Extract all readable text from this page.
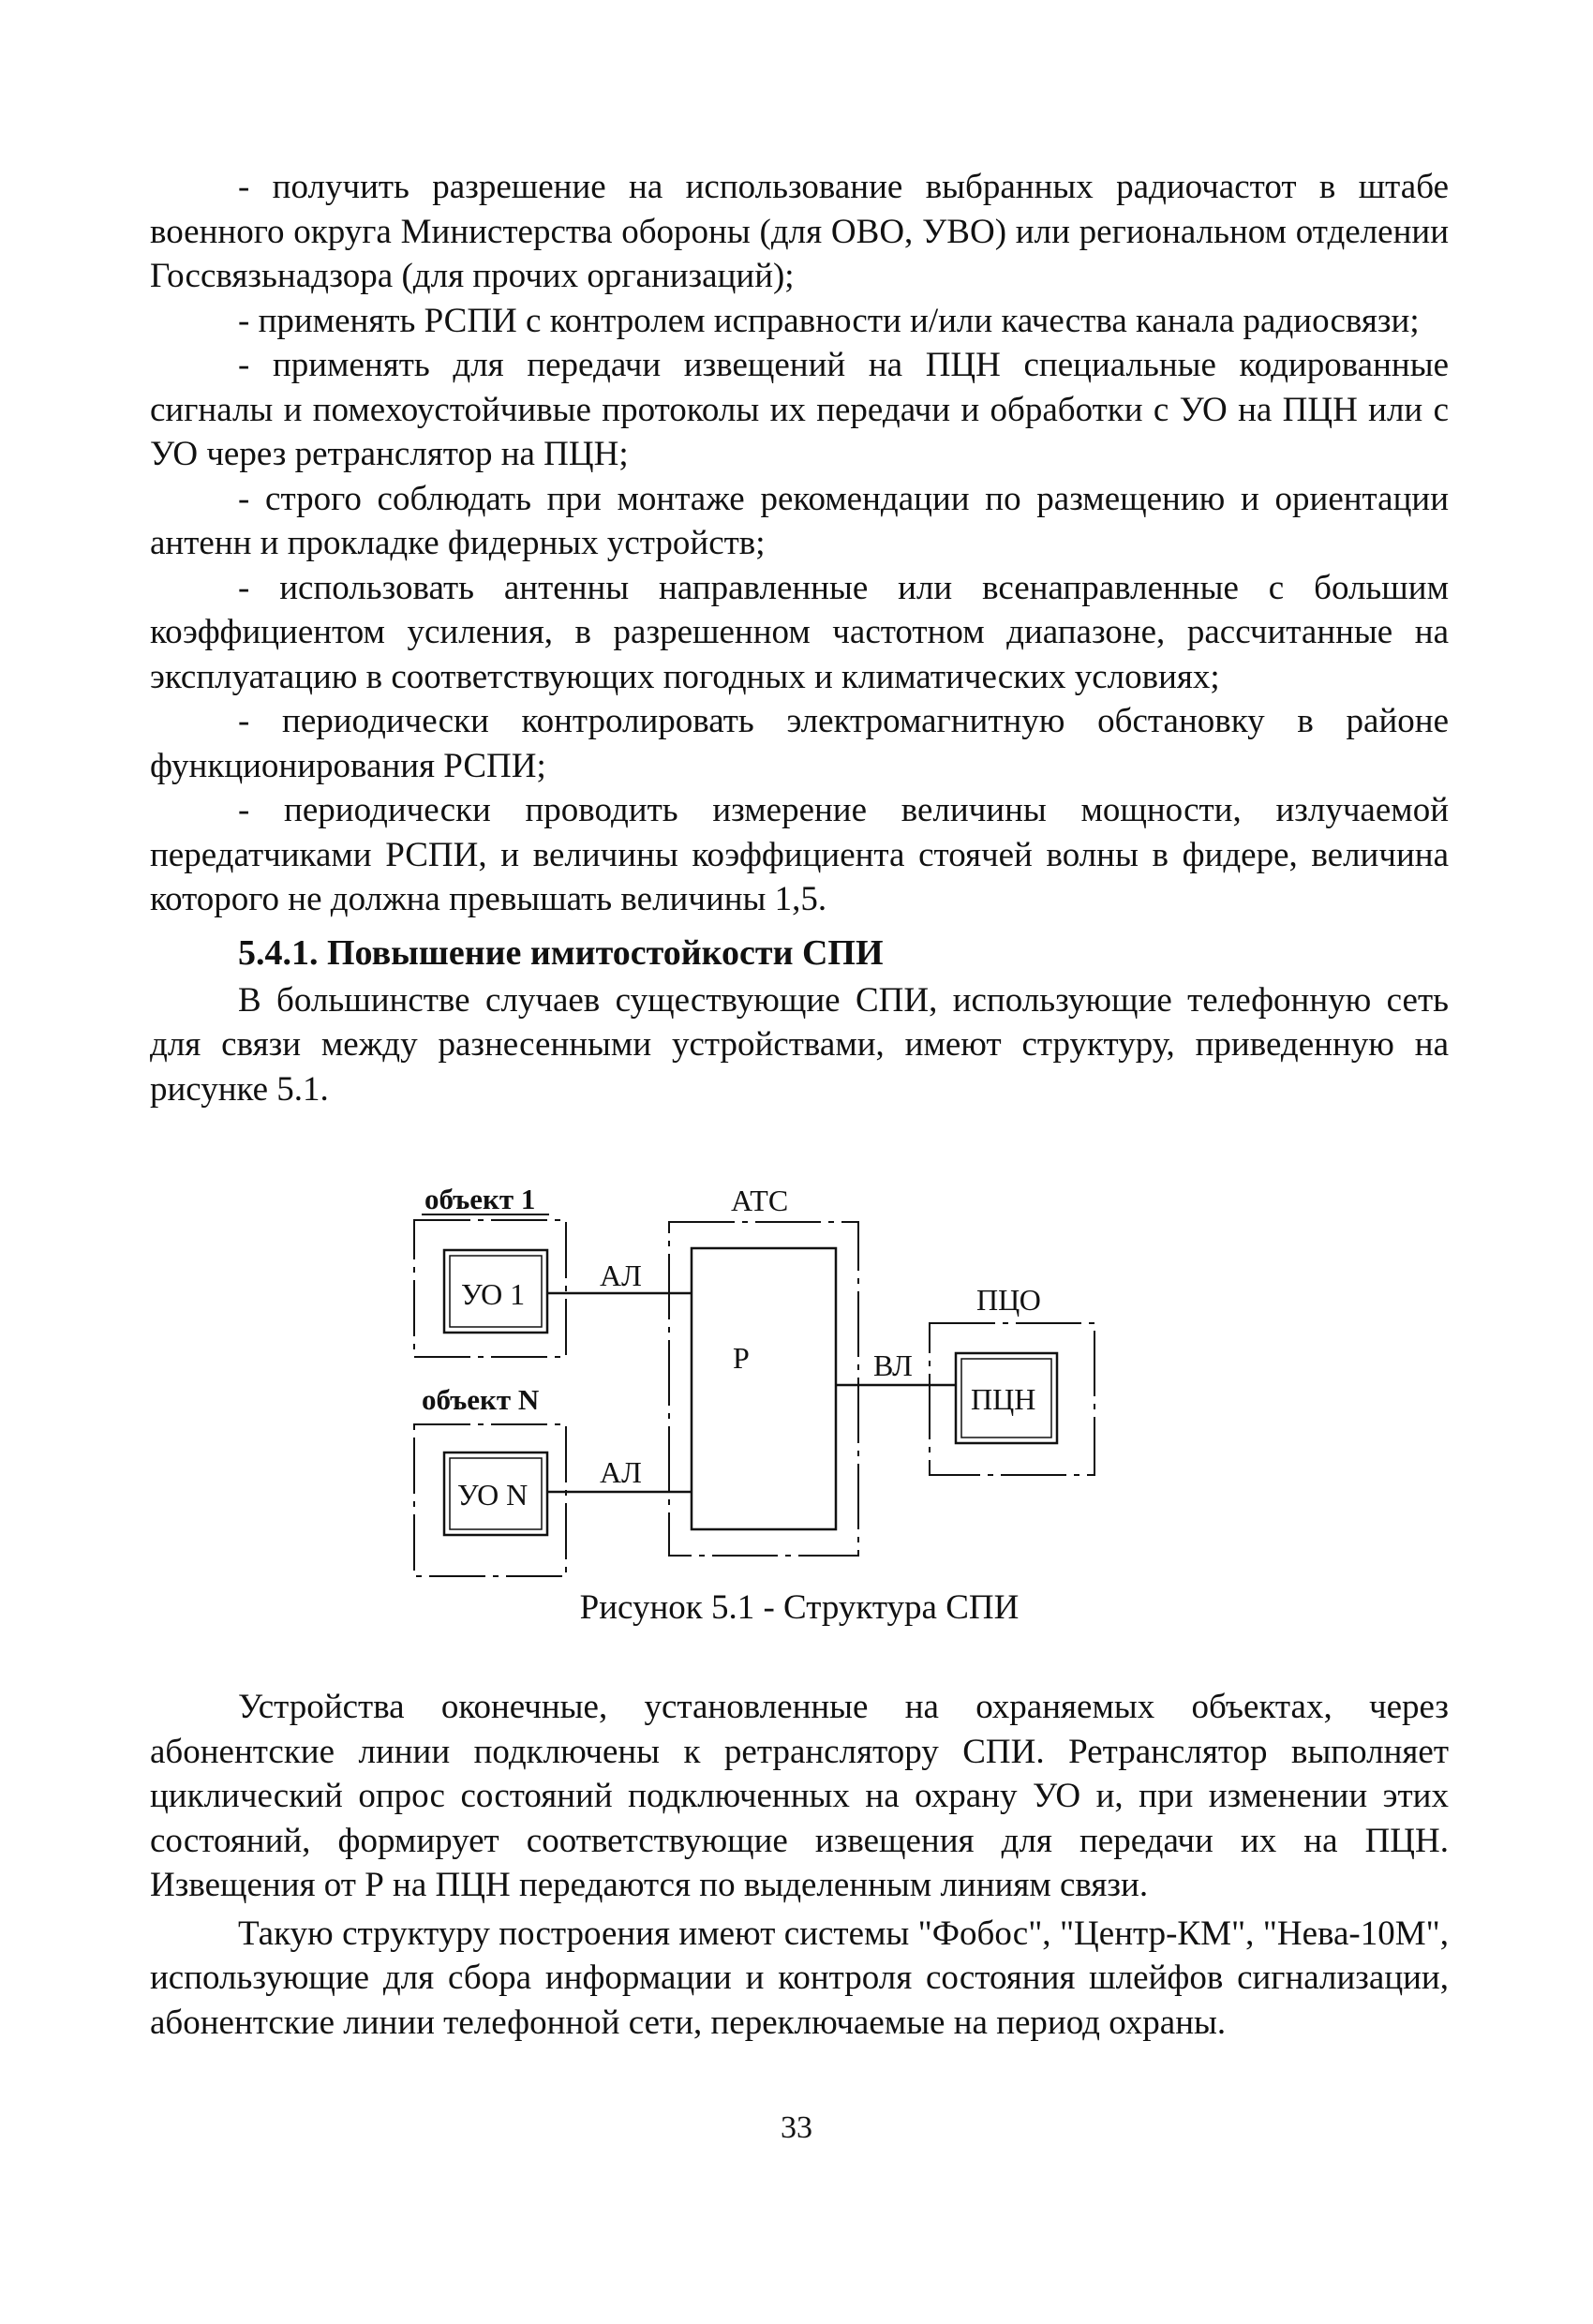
- получить разрешение на использование выбранных радиочастот в штабе военного округа Министерства обороны (для ОВО, УВО) или региональном отделении Госсвязьнадзора (для прочих организаций);

- применять РСПИ с контролем исправности и/или качества канала радиосвязи;

- применять для передачи извещений на ПЦН специальные кодированные сигналы и помехоустойчивые протоколы их передачи и обработки с УО на ПЦН или с УО через ретранслятор на ПЦН;

- строго соблюдать при монтаже рекомендации по размещению и ориентации антенн и прокладке фидерных устройств;

- использовать антенны направленные или всенаправленные с большим коэффициентом усиления, в разрешенном частотном диапазоне, рассчитанные на эксплуатацию в соответствующих погодных и климатических условиях;

- периодически контролировать электромагнитную обстановку в районе функционирования РСПИ;

- периодически проводить измерение величины мощности, излучаемой передатчиками РСПИ, и величины коэффициента стоячей волны в фидере, величина которого не должна превышать величины 1,5.

5.4.1. Повышение имитостойкости СПИ

В большинстве случаев существующие СПИ, использующие телефонную сеть для связи между разнесенными устройствами, имеют структуру, приведенную на рисунке 5.1.

объект 1
объект N
АТС
ПЦО
УО 1
УО N
Р
ПЦН
АЛ
АЛ
ВЛ
Рисунок 5.1 - Структура СПИ

Устройства оконечные, установленные на охраняемых объектах, через абонентские линии подключены к ретранслятору СПИ. Ретранслятор выполняет циклический опрос состояний подключенных на охрану УО и, при изменении этих состояний, формирует соответствующие извещения для передачи их на ПЦН. Извещения от Р на ПЦН передаются по выделенным линиям связи.

Такую структуру построения имеют системы "Фобос", "Центр-КМ", "Нева-10М", использующие для сбора информации и контроля состояния шлейфов сигнализации, абонентские линии телефонной сети, переключаемые на период охраны.

33
